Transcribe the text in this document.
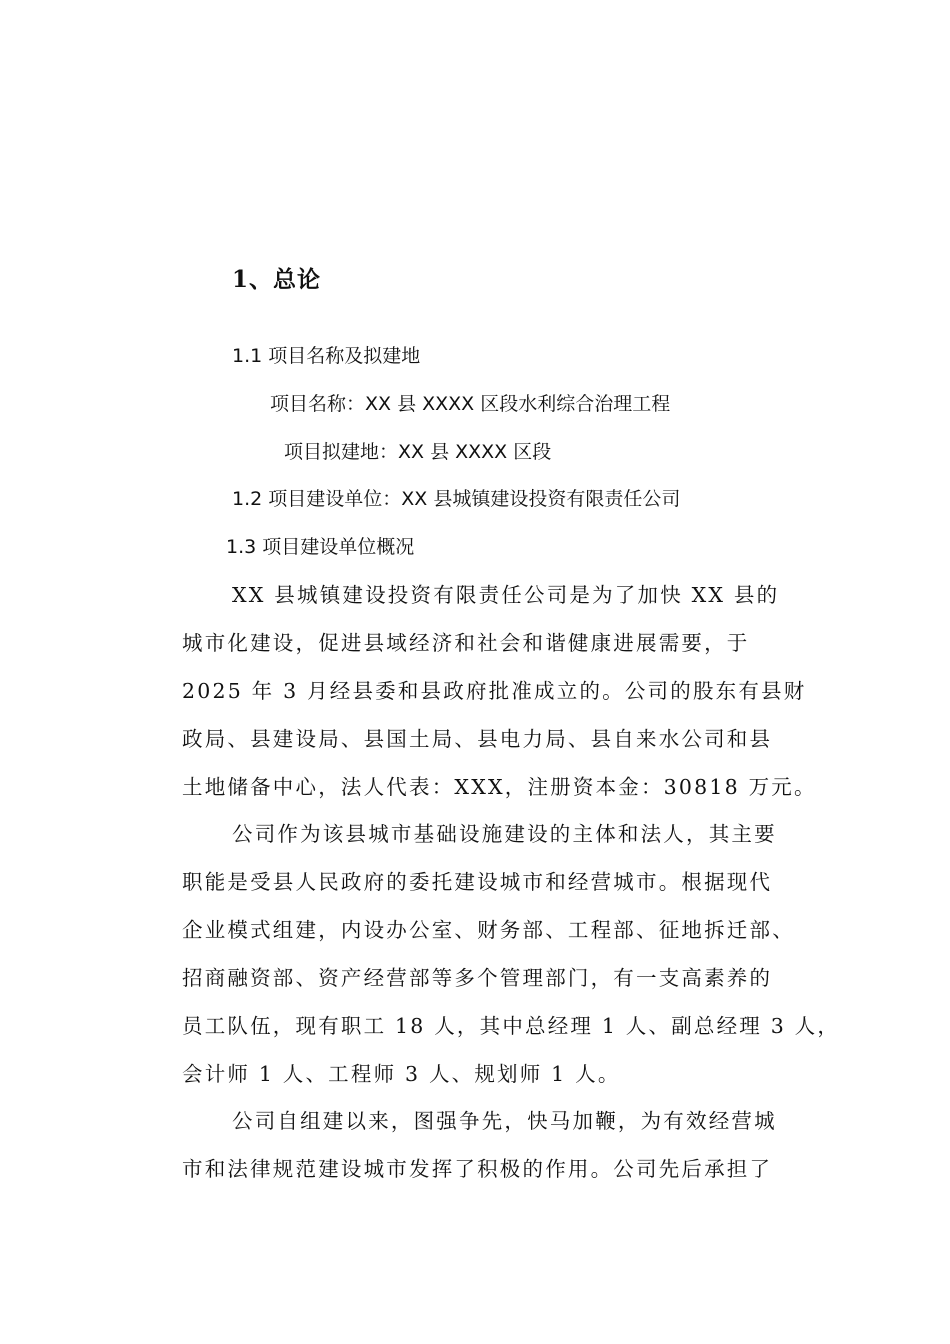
1、总论
1.1 项目名称及拟建地
项目名称：XX 县 XXXX 区段水利综合治理工程
项目拟建地：XX 县 XXXX 区段
1.2 项目建设单位：XX 县城镇建设投资有限责任公司
1.3 项目建设单位概况
XX 县城镇建设投资有限责任公司是为了加快 XX 县的
城市化建设，促进县域经济和社会和谐健康进展需要，于
2025 年 3 月经县委和县政府批准成立的。公司的股东有县财
政局、县建设局、县国土局、县电力局、县自来水公司和县
土地储备中心，法人代表：XXX，注册资本金：30818 万元。
公司作为该县城市基础设施建设的主体和法人，其主要
职能是受县人民政府的委托建设城市和经营城市。根据现代
企业模式组建，内设办公室、财务部、工程部、征地拆迁部、
招商融资部、资产经营部等多个管理部门，有一支高素养的
员工队伍，现有职工 18 人，其中总经理 1 人、副总经理 3 人，
会计师 1 人、工程师 3 人、规划师 1 人。
公司自组建以来，图强争先，快马加鞭，为有效经营城
市和法律规范建设城市发挥了积极的作用。公司先后承担了
